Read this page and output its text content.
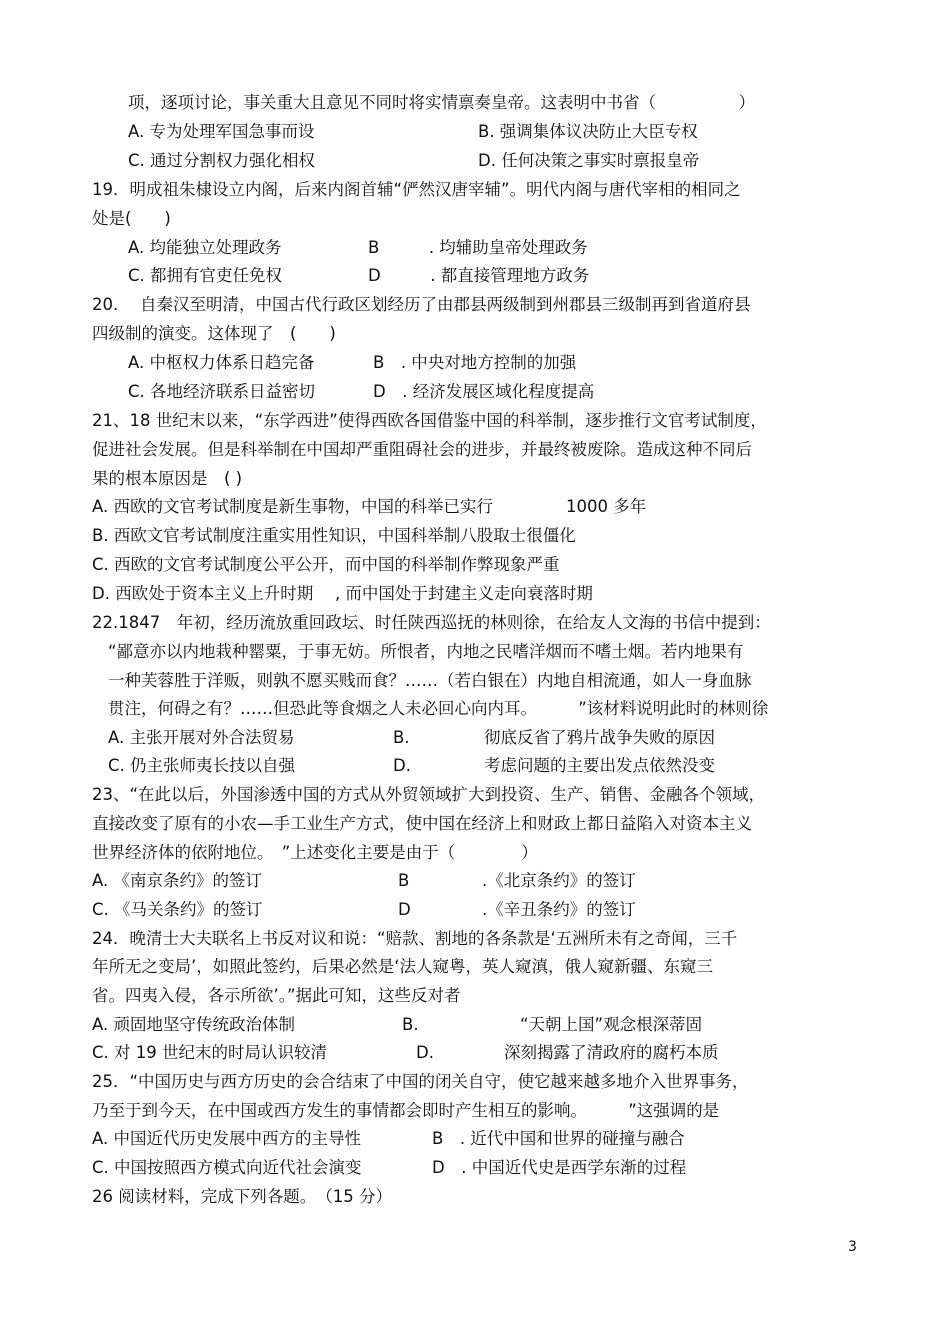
项，逐项讨论，事关重大且意见不同时将实情禀奏皇帝。这表明中书省（　　　　　）
A. 专为处理军国急事而设	B. 强调集体议决防止大臣专权
C. 通过分割权力强化相权	D. 任何决策之事实时禀报皇帝
19．明成祖朱棣设立内阁，后来内阁首辅“俨然汉唐宰辅”。明代内阁与唐代宰相的相同之
处是(　　)
A. 均能独立处理政务	B　　　. 均辅助皇帝处理政务
C. 都拥有官吏任免权	D　　　. 都直接管理地方政务
20.　 自秦汉至明清，中国古代行政区划经历了由郡县两级制到州郡县三级制再到省道府县
四级制的演变。这体现了　(　　)
A. 中枢权力体系日趋完备	B　. 中央对地方控制的加强
C. 各地经济联系日益密切	D　. 经济发展区域化程度提高
21、18 世纪末以来，“东学西进”使得西欧各国借鉴中国的科举制，逐步推行文官考试制度，
促进社会发展。但是科举制在中国却严重阻碍社会的进步，并最终被废除。造成这种不同后
果的根本原因是　( )
A. 西欧的文官考试制度是新生事物，中国的科举已实行	1000 多年
B. 西欧文官考试制度注重实用性知识，中国科举制八股取士很僵化
C. 西欧的文官考试制度公平公开，而中国的科举制作弊现象严重
D. 西欧处于资本主义上升时期　 , 而中国处于封建主义走向衰落时期
22.1847　年初，经历流放重回政坛、时任陕西巡抚的林则徐，在给友人文海的书信中提到：
“鄙意亦以内地栽种罂粟，于事无妨。所恨者，内地之民嗜洋烟而不嗜土烟。若内地果有
一种芙蓉胜于洋贩，则孰不愿买贱而食？……（若白银在）内地自相流通，如人一身血脉
贯注，何碍之有？……但恐此等食烟之人未必回心向内耳。　　　”该材料说明此时的林则徐
A. 主张开展对外合法贸易	B.	彻底反省了鸦片战争失败的原因
C. 仍主张师夷长技以自强	D.	考虑问题的主要出发点依然没变
23、“在此以后，外国渗透中国的方式从外贸领域扩大到投资、生产、销售、金融各个领域，
直接改变了原有的小农—手工业生产方式，使中国在经济上和财政上都日益陷入对资本主义
世界经济体的依附地位。　”上述变化主要是由于（　　　　）
A. 《南京条约》的签订	B	.《北京条约》的签订
C. 《马关条约》的签订	D	.《辛丑条约》的签订
24．晚清士大夫联名上书反对议和说：“赔款、割地的各条款是‘五洲所未有之奇闻，三千
年所无之变局’，如照此签约，后果必然是‘法人窥粤，英人窥滇，俄人窥新疆、东窥三
省。四夷入侵，各示所欲’。”据此可知，这些反对者
A. 顽固地坚守传统政治体制	B.	“天朝上国”观念根深蒂固
C. 对 19 世纪末的时局认识较清	D.	深刻揭露了清政府的腐朽本质
25．“中国历史与西方历史的会合结束了中国的闭关自守，使它越来越多地介入世界事务，
乃至于到今天，在中国或西方发生的事情都会即时产生相互的影响。　　　”这强调的是
A. 中国近代历史发展中西方的主导性	B　. 近代中国和世界的碰撞与融合
C. 中国按照西方模式向近代社会演变	D　. 中国近代史是西学东渐的过程
26 阅读材料，完成下列各题。　（15 分）
3
